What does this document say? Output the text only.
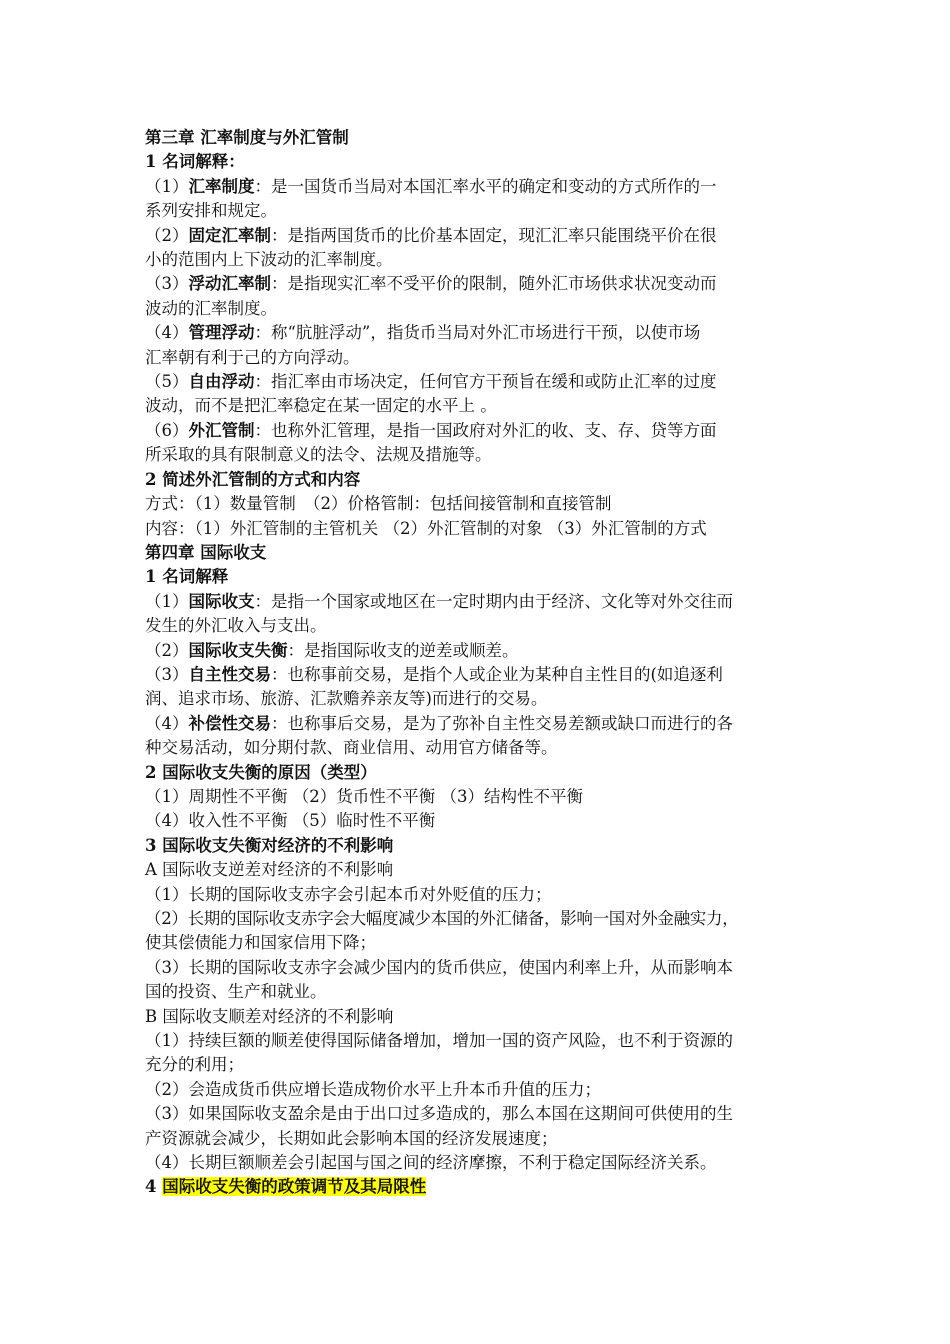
第三章 汇率制度与外汇管制
1 名词解释：
（1）汇率制度：是一国货币当局对本国汇率水平的确定和变动的方式所作的一
系列安排和规定。
（2）固定汇率制：是指两国货币的比价基本固定，现汇汇率只能围绕平价在很
小的范围内上下波动的汇率制度。
（3）浮动汇率制：是指现实汇率不受平价的限制，随外汇市场供求状况变动而
波动的汇率制度。
（4）管理浮动：称“肮脏浮动”，指货币当局对外汇市场进行干预，以使市场
汇率朝有利于己的方向浮动。
（5）自由浮动：指汇率由市场决定，任何官方干预旨在缓和或防止汇率的过度
波动，而不是把汇率稳定在某一固定的水平上 。
（6）外汇管制：也称外汇管理，是指一国政府对外汇的收、支、存、贷等方面
所采取的具有限制意义的法令、法规及措施等。
2 简述外汇管制的方式和内容
方式：（1）数量管制　（2）价格管制：包括间接管制和直接管制
内容：（1）外汇管制的主管机关 （2）外汇管制的对象 （3）外汇管制的方式
第四章 国际收支
1 名词解释
（1）国际收支：是指一个国家或地区在一定时期内由于经济、文化等对外交往而
发生的外汇收入与支出。
（2）国际收支失衡：是指国际收支的逆差或顺差。
（3）自主性交易：也称事前交易，是指个人或企业为某种自主性目的(如追逐利
润、追求市场、旅游、汇款赡养亲友等)而进行的交易。
（4）补偿性交易：也称事后交易，是为了弥补自主性交易差额或缺口而进行的各
种交易活动，如分期付款、商业信用、动用官方储备等。
2 国际收支失衡的原因（类型）
（1）周期性不平衡 （2）货币性不平衡 （3）结构性不平衡
（4）收入性不平衡 （5）临时性不平衡
3 国际收支失衡对经济的不利影响
A 国际收支逆差对经济的不利影响
（1）长期的国际收支赤字会引起本币对外贬值的压力；
（2）长期的国际收支赤字会大幅度减少本国的外汇储备，影响一国对外金融实力，
使其偿债能力和国家信用下降；
（3）长期的国际收支赤字会减少国内的货币供应，使国内利率上升，从而影响本
国的投资、生产和就业。
B 国际收支顺差对经济的不利影响
（1）持续巨额的顺差使得国际储备增加，增加一国的资产风险，也不利于资源的
充分的利用；
（2）会造成货币供应增长造成物价水平上升本币升值的压力；
（3）如果国际收支盈余是由于出口过多造成的，那么本国在这期间可供使用的生
产资源就会减少，长期如此会影响本国的经济发展速度；
（4）长期巨额顺差会引起国与国之间的经济摩擦，不利于稳定国际经济关系。
4 国际收支失衡的政策调节及其局限性
